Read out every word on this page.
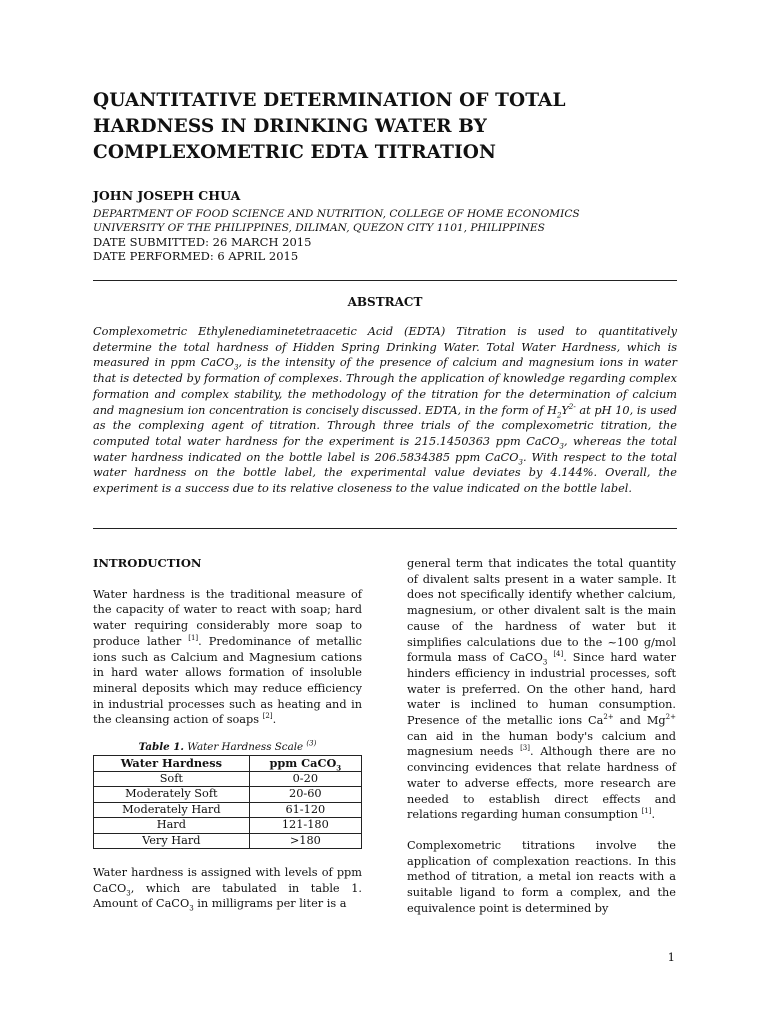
QUANTITATIVE DETERMINATION OF TOTAL HARDNESS IN DRINKING WATER BY COMPLEXOMETRIC EDTA TITRATION

JOHN JOSEPH CHUA

DEPARTMENT OF FOOD SCIENCE AND NUTRITION, COLLEGE OF HOME ECONOMICS

UNIVERSITY OF THE PHILIPPINES, DILIMAN, QUEZON CITY 1101, PHILIPPINES

DATE SUBMITTED: 26 MARCH 2015

DATE PERFORMED: 6 APRIL 2015

ABSTRACT

Complexometric Ethylenediaminetetraacetic Acid (EDTA) Titration is used to quantitatively determine the total hardness of Hidden Spring Drinking Water. Total Water Hardness, which is measured in ppm CaCO$_3$, is the intensity of the presence of calcium and magnesium ions in water that is detected by formation of complexes. Through the application of knowledge regarding complex formation and complex stability, the methodology of the titration for the determination of calcium and magnesium ion concentration is concisely discussed. EDTA, in the form of $H_2Y^{2-}$ at pH 10, is used as the complexing agent of titration. Through three trials of the complexometric titration, the computed total water hardness for the experiment is 215.1450363 ppm CaCO$_3$, whereas the total water hardness indicated on the bottle label is 206.5834385 ppm CaCO$_3$. With respect to the total water hardness on the bottle label, the experimental value deviates by 4.144%. Overall, the experiment is a success due to its relative closeness to the value indicated on the bottle label.

INTRODUCTION

Water hardness is the traditional measure of the capacity of water to react with soap; hard water requiring considerably more soap to produce lather [1]. Predominance of metallic ions such as Calcium and Magnesium cations in hard water allows formation of insoluble mineral deposits which may reduce efficiency in industrial processes such as heating and in the cleansing action of soaps [2].

Table 1. Water Hardness Scale $^{(3)}$

Water Hardness	ppm CaCO$_3$
Soft	0-20
Moderately Soft	20-60
Moderately Hard	61-120
Hard	121-180
Very Hard	>180

Water hardness is assigned with levels of ppm CaCO$_3$, which are tabulated in table 1. Amount of CaCO$_3$ in milligrams per liter is a

general term that indicates the total quantity of divalent salts present in a water sample. It does not specifically identify whether calcium, magnesium, or other divalent salt is the main cause of the hardness of water but it simplifies calculations due to the ~100 g/mol formula mass of CaCO$_3$ [4]. Since hard water hinders efficiency in industrial processes, soft water is preferred. On the other hand, hard water is inclined to human consumption. Presence of the metallic ions $Ca^{2+}$ and $Mg^{2+}$ can aid in the human body's calcium and magnesium needs [3]. Although there are no convincing evidences that relate hardness of water to adverse effects, more research are needed to establish direct effects and relations regarding human consumption [1].

Complexometric titrations involve the application of complexation reactions. In this method of titration, a metal ion reacts with a suitable ligand to form a complex, and the equivalence point is determined by

1
